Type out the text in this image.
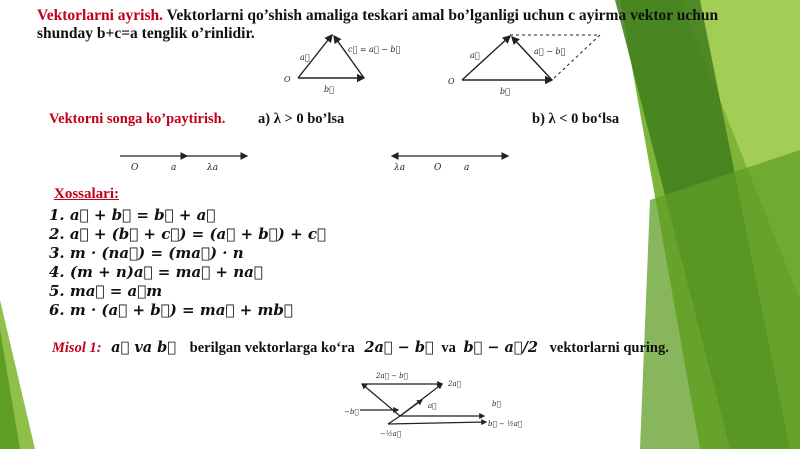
Vektorlarni ayrish. Vektorlarni qo’shish amaliga teskari amal bo’lganligi uchun c ayirma vektor uchun
shunday b+c=a tenglik o’rinlidir.
O
a⃗
b⃗
c⃗ = a⃗ − b⃗
O
a⃗
b⃗
a⃗ − b⃗
Vektorni songa ko’paytirish. a) λ > 0 bo’lsa	b) λ < 0 bo‘lsa
O	a	λa	λa	O	a
Xossalari:
1. a⃗ + b⃗ = b⃗ + a⃗
2. a⃗ + (b⃗ + c⃗) = (a⃗ + b⃗) + c⃗
3. m · (na⃗) = (ma⃗) · n
4. (m + n)a⃗ = ma⃗ + na⃗
5. ma⃗ = a⃗m
6. m · (a⃗ + b⃗) = ma⃗ + mb⃗
Misol 1: a⃗ va b⃗ berilgan vektorlarga ko‘ra 2a⃗ − b⃗ va b⃗ − a⃗/2 vektorlarni quring.
2a⃗ − b⃗
2a⃗
−b⃗
a⃗	b⃗
−½a⃗
b⃗ − ½a⃗
